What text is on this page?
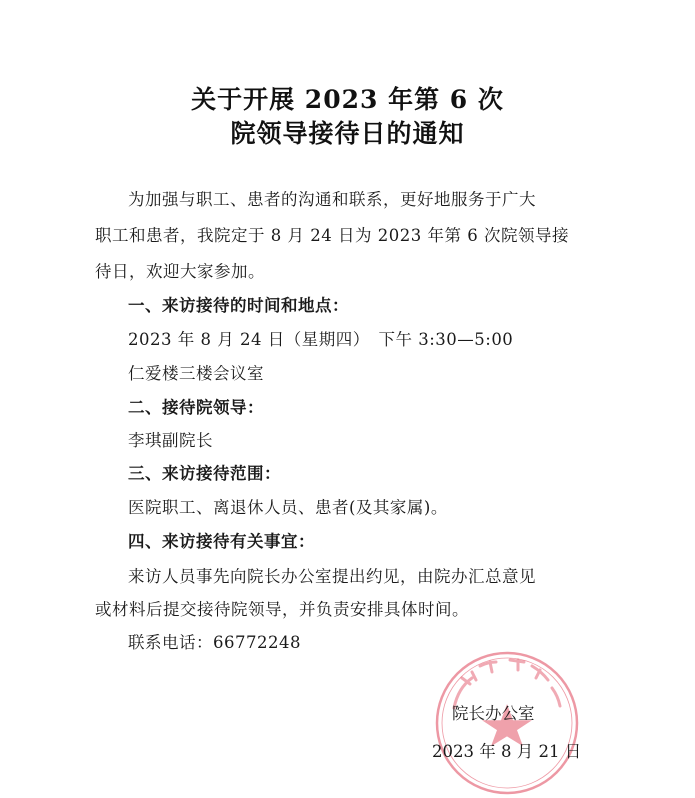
关于开展 2023 年第 6 次
院领导接待日的通知
为加强与职工、患者的沟通和联系，更好地服务于广大
职工和患者，我院定于 8 月 24 日为 2023 年第 6 次院领导接
待日，欢迎大家参加。
一、来访接待的时间和地点：
2023 年 8 月 24 日（星期四）　下午 3:30—5:00
仁爱楼三楼会议室
二、接待院领导：
李琪副院长
三、来访接待范围：
医院职工、离退休人员、患者(及其家属)。
四、来访接待有关事宜：
来访人员事先向院长办公室提出约见，由院办汇总意见
或材料后提交接待院领导，并负责安排具体时间。
联系电话：66772248
院长办公室
2023 年 8 月 21 日
